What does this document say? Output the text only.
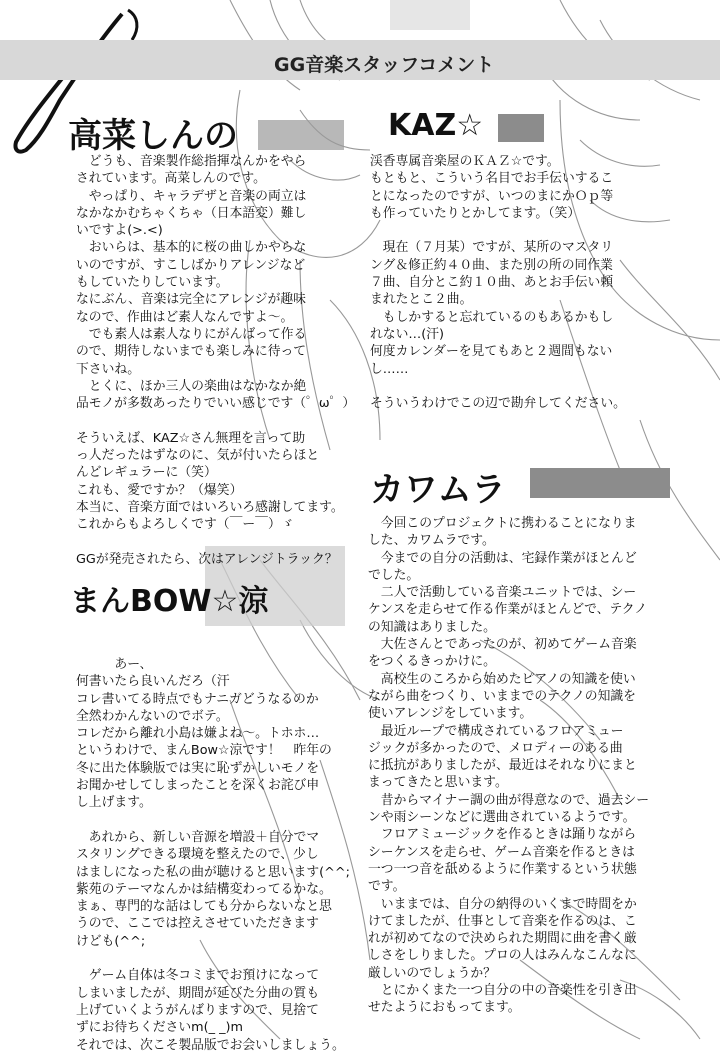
GG音楽スタッフコメント
高菜しんの	KAZ☆
まんBOW☆涼
カワムラ
　どうも、音楽製作総指揮なんかをやら
されています。高菜しんのです。
　やっぱり、キャラデザと音楽の両立は
なかなかむちゃくちゃ（日本語変）難し
いですよ(>.<)
　おいらは、基本的に桜の曲しかやらな
いのですが、すこしばかりアレンジなど
もしていたりしています。
なにぶん、音楽は完全にアレンジが趣味
なので、作曲はど素人なんですよ～。
　でも素人は素人なりにがんばって作る
ので、期待しないまでも楽しみに待って
下さいね。
　とくに、ほか三人の楽曲はなかなか絶
品モノが多数あったりでいい感じです（゜ω゜）
そういえば、KAZ☆さん無理を言って助
っ人だったはずなのに、気が付いたらほと
んどレギュラーに（笑）
これも、愛ですか？（爆笑）
本当に、音楽方面ではいろいろ感謝してます。
これからもよろしくです（￣ー￣）ゞ
GGが発売されたら、次はアレンジトラック？
渓香専属音楽屋のＫＡＺ☆です。
もともと、こういう名目でお手伝いするこ
とになったのですが、いつのまにかＯｐ等
も作っていたりとかしてます。（笑）
　現在（７月某）ですが、某所のマスタリ
ング＆修正約４０曲、また別の所の同作業
７曲、自分とこ約１０曲、あとお手伝い頼
まれたとこ２曲。
　もしかすると忘れているのもあるかもし
れない…(汗)
何度カレンダーを見てもあと２週間もない
し……
そういうわけでこの辺で勘弁してください。
　　　あー、
何書いたら良いんだろ（汗
コレ書いてる時点でもナニガどうなるのか
全然わかんないのでボテ。
コレだから離れ小島は嫌よね～。トホホ…
というわけで、まんBow☆涼です！　昨年の
冬に出た体験版では実に恥ずかしいモノを
お聞かせしてしまったことを深くお詫び申
し上げます。
　あれから、新しい音源を増設＋自分でマ
スタリングできる環境を整えたので、少し
はましになった私の曲が聴けると思います(^^;
紫苑のテーマなんかは結構変わってるかな。
まぁ、専門的な話はしても分からないなと思
うので、ここでは控えさせていただきます
けども(^^;
　ゲーム自体は冬コミまでお預けになって
しまいましたが、期間が延びた分曲の質も
上げていくようがんばりますので、見捨て
ずにお待ちくださいm(_ _)m
それでは、次こそ製品版でお会いしましょう。
　今回このプロジェクトに携わることになりま
した、カワムラです。
　今までの自分の活動は、宅録作業がほとんど
でした。
　二人で活動している音楽ユニットでは、シー
ケンスを走らせて作る作業がほとんどで、テクノ
の知識はありました。
　大佐さんとであったのが、初めてゲーム音楽
をつくるきっかけに。
　高校生のころから始めたピアノの知識を使い
ながら曲をつくり、いままでのテクノの知識を
使いアレンジをしています。
　最近ループで構成されているフロアミュー
ジックが多かったので、メロディーのある曲
に抵抗がありましたが、最近はそれなりにまと
まってきたと思います。
　昔からマイナー調の曲が得意なので、過去シー
ンや雨シーンなどに選曲されているようです。
　フロアミュージックを作るときは踊りながら
シーケンスを走らせ、ゲーム音楽を作るときは
一つ一つ音を舐めるように作業するという状態
です。
　いままでは、自分の納得のいくまで時間をか
けてましたが、仕事として音楽を作るのは、こ
れが初めてなので決められた期間に曲を書く厳
しさをしりました。プロの人はみんなこんなに
厳しいのでしょうか？
　とにかくまた一つ自分の中の音楽性を引き出
せたようにおもってます。
